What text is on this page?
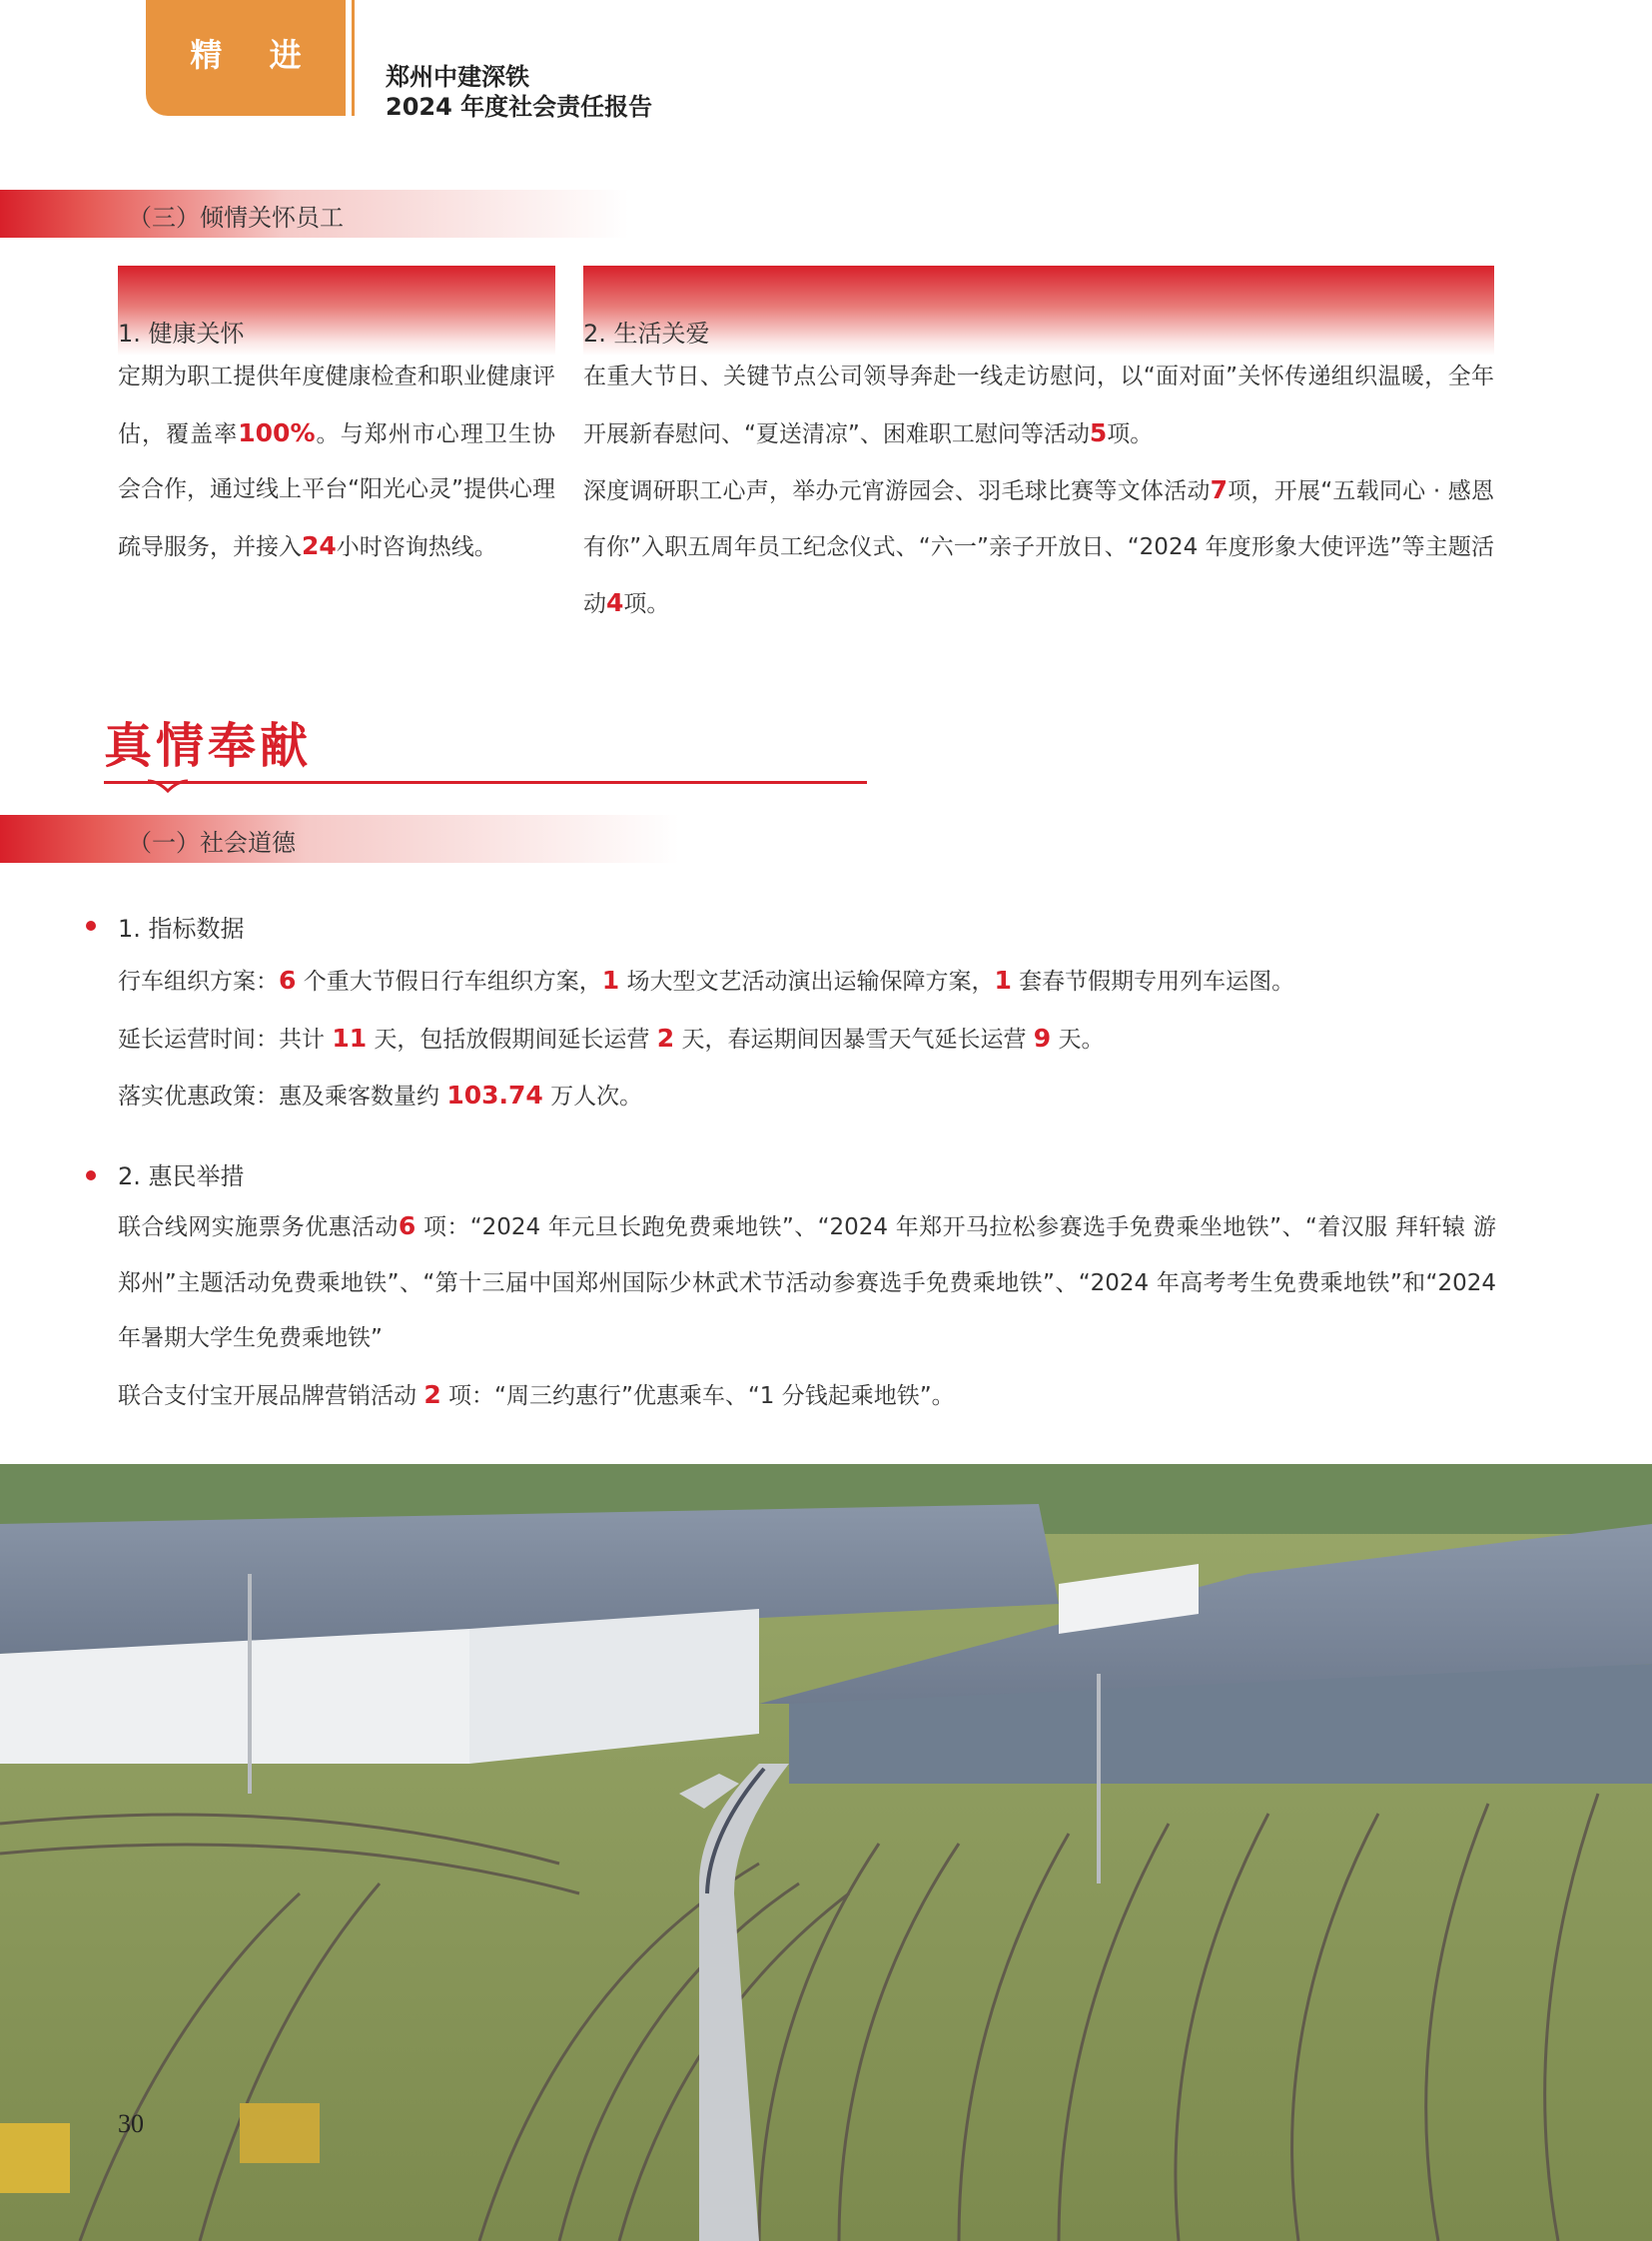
精 进
郑州中建深铁
2024 年度社会责任报告
（三）倾情关怀员工
1. 健康关怀
定期为职工提供年度健康检查和职业健康评估，覆盖率100%。与郑州市心理卫生协会合作，通过线上平台“阳光心灵”提供心理疏导服务，并接入24小时咨询热线。
2. 生活关爱
在重大节日、关键节点公司领导奔赴一线走访慰问，以“面对面”关怀传递组织温暖，全年开展新春慰问、“夏送清凉”、困难职工慰问等活动5项。
深度调研职工心声，举办元宵游园会、羽毛球比赛等文体活动7项，开展“五载同心 · 感恩有你”入职五周年员工纪念仪式、“六一”亲子开放日、“2024 年度形象大使评选”等主题活动4项。
真情奉献
（一）社会道德
1. 指标数据
行车组织方案：6 个重大节假日行车组织方案，1 场大型文艺活动演出运输保障方案，1 套春节假期专用列车运图。
延长运营时间：共计 11 天，包括放假期间延长运营 2 天，春运期间因暴雪天气延长运营 9 天。
落实优惠政策：惠及乘客数量约 103.74 万人次。
2. 惠民举措
联合线网实施票务优惠活动6 项：“2024 年元旦长跑免费乘地铁”、“2024 年郑开马拉松参赛选手免费乘坐地铁”、“着汉服 拜轩辕 游郑州”主题活动免费乘地铁”、“第十三届中国郑州国际少林武术节活动参赛选手免费乘地铁”、“2024 年高考考生免费乘地铁”和“2024 年暑期大学生免费乘地铁”
联合支付宝开展品牌营销活动 2 项：“周三约惠行”优惠乘车、“1 分钱起乘地铁”。
30
